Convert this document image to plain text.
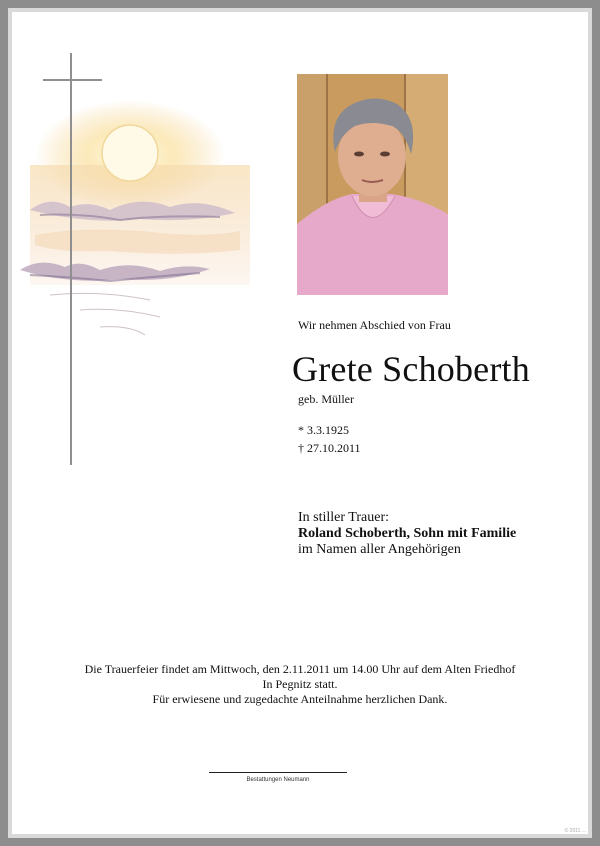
Wir nehmen Abschied von Frau
Grete Schoberth
geb. Müller
* 3.3.1925
† 27.10.2011
In stiller Trauer:
Roland Schoberth, Sohn mit Familie
im Namen aller Angehörigen
Die Trauerfeier findet am Mittwoch, den 2.11.2011 um 14.00 Uhr auf dem Alten Friedhof
In Pegnitz statt.
Für erwiesene und zugedachte Anteilnahme herzlichen Dank.
Bestattungen Neumann
© 2011 ...
